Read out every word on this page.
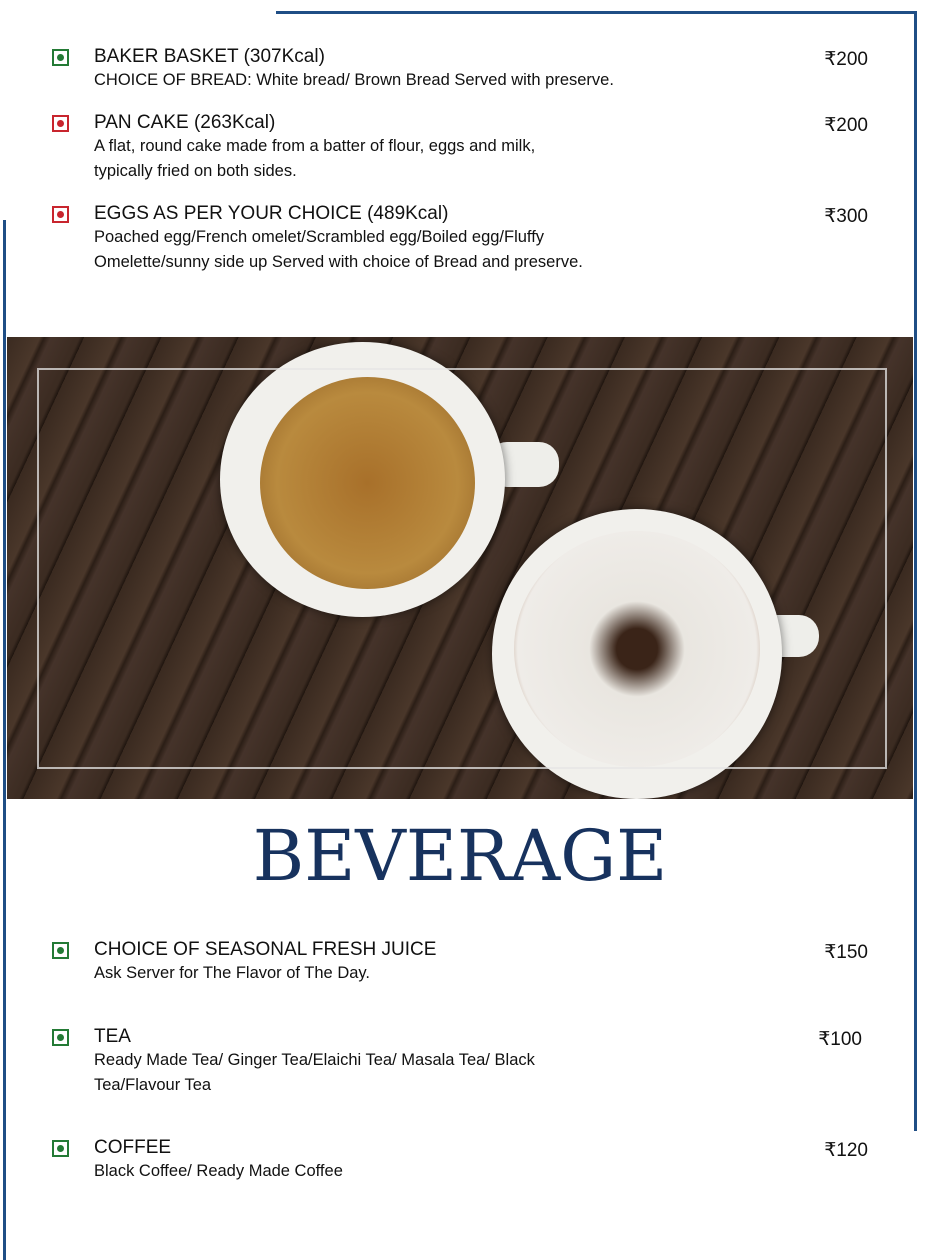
BAKER BASKET (307Kcal)
CHOICE OF BREAD: White bread/ Brown Bread Served with preserve.
₹200
PAN CAKE (263Kcal)
A flat, round cake made from a batter of flour, eggs and milk, typically fried on both sides.
₹200
EGGS AS PER YOUR CHOICE (489Kcal)
Poached egg/French omelet/Scrambled egg/Boiled egg/Fluffy Omelette/sunny side up Served with choice of Bread and preserve.
₹300
BEVERAGE
CHOICE OF SEASONAL FRESH JUICE
Ask Server for The Flavor of The Day.
₹150
TEA
Ready Made Tea/ Ginger Tea/Elaichi Tea/ Masala Tea/ Black Tea/Flavour Tea
₹100
COFFEE
Black Coffee/ Ready Made Coffee
₹120
